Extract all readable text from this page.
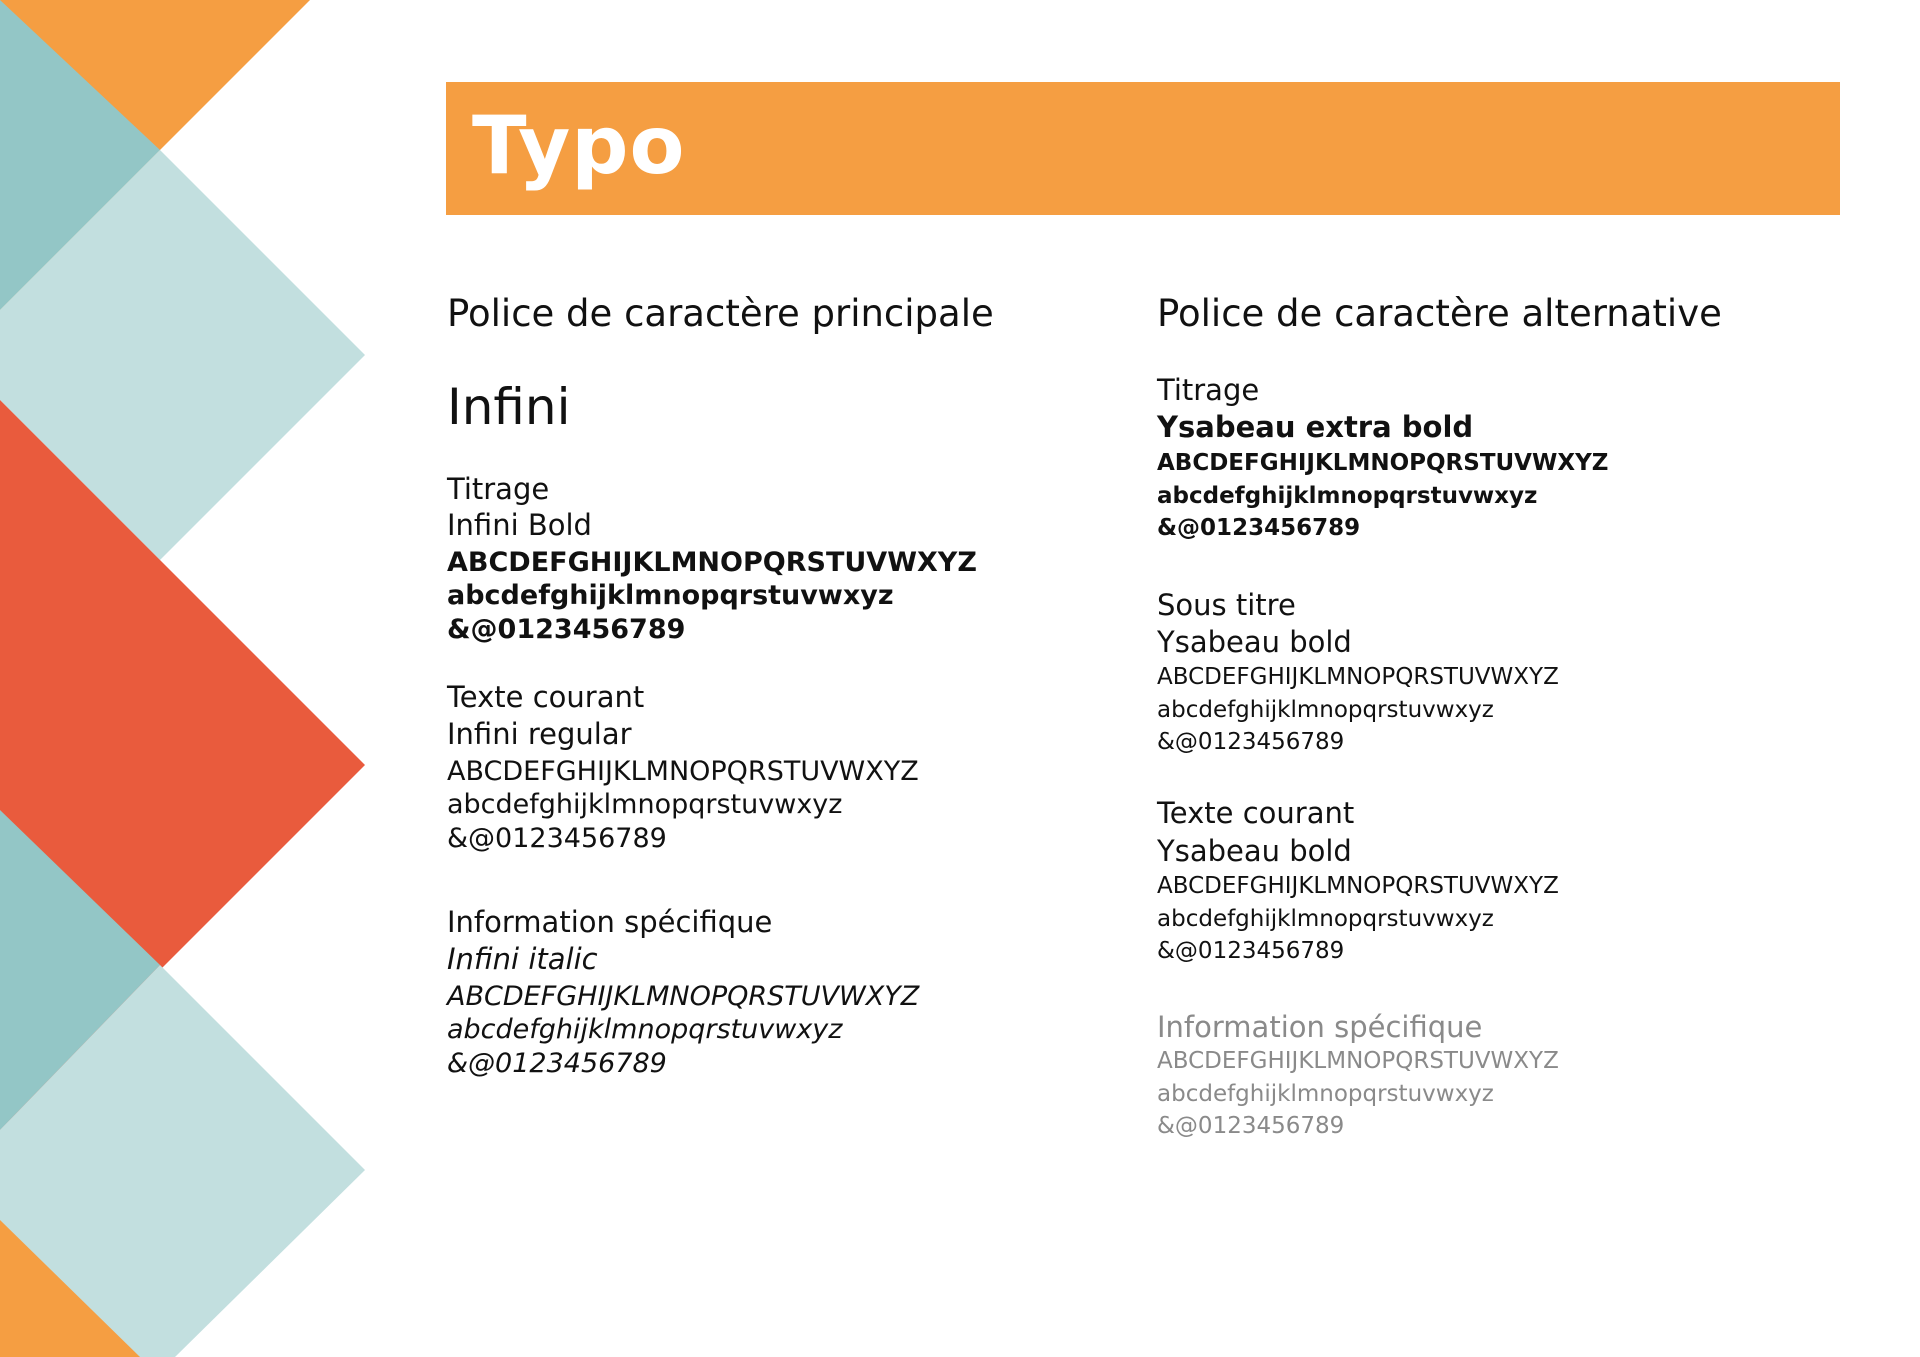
Typo
Police de caractère principale
Infini
Titrage
Infini Bold
ABCDEFGHIJKLMNOPQRSTUVWXYZ
abcdefghijklmnopqrstuvwxyz
&@0123456789
Texte courant
Infini regular
ABCDEFGHIJKLMNOPQRSTUVWXYZ
abcdefghijklmnopqrstuvwxyz
&@0123456789
Information spécifique
Infini italic
ABCDEFGHIJKLMNOPQRSTUVWXYZ
abcdefghijklmnopqrstuvwxyz
&@0123456789
Police de caractère alternative
Titrage
Ysabeau extra bold
ABCDEFGHIJKLMNOPQRSTUVWXYZ
abcdefghijklmnopqrstuvwxyz
&@0123456789
Sous titre
Ysabeau bold
ABCDEFGHIJKLMNOPQRSTUVWXYZ
abcdefghijklmnopqrstuvwxyz
&@0123456789
Texte courant
Ysabeau bold
ABCDEFGHIJKLMNOPQRSTUVWXYZ
abcdefghijklmnopqrstuvwxyz
&@0123456789
Information spécifique
ABCDEFGHIJKLMNOPQRSTUVWXYZ
abcdefghijklmnopqrstuvwxyz
&@0123456789
